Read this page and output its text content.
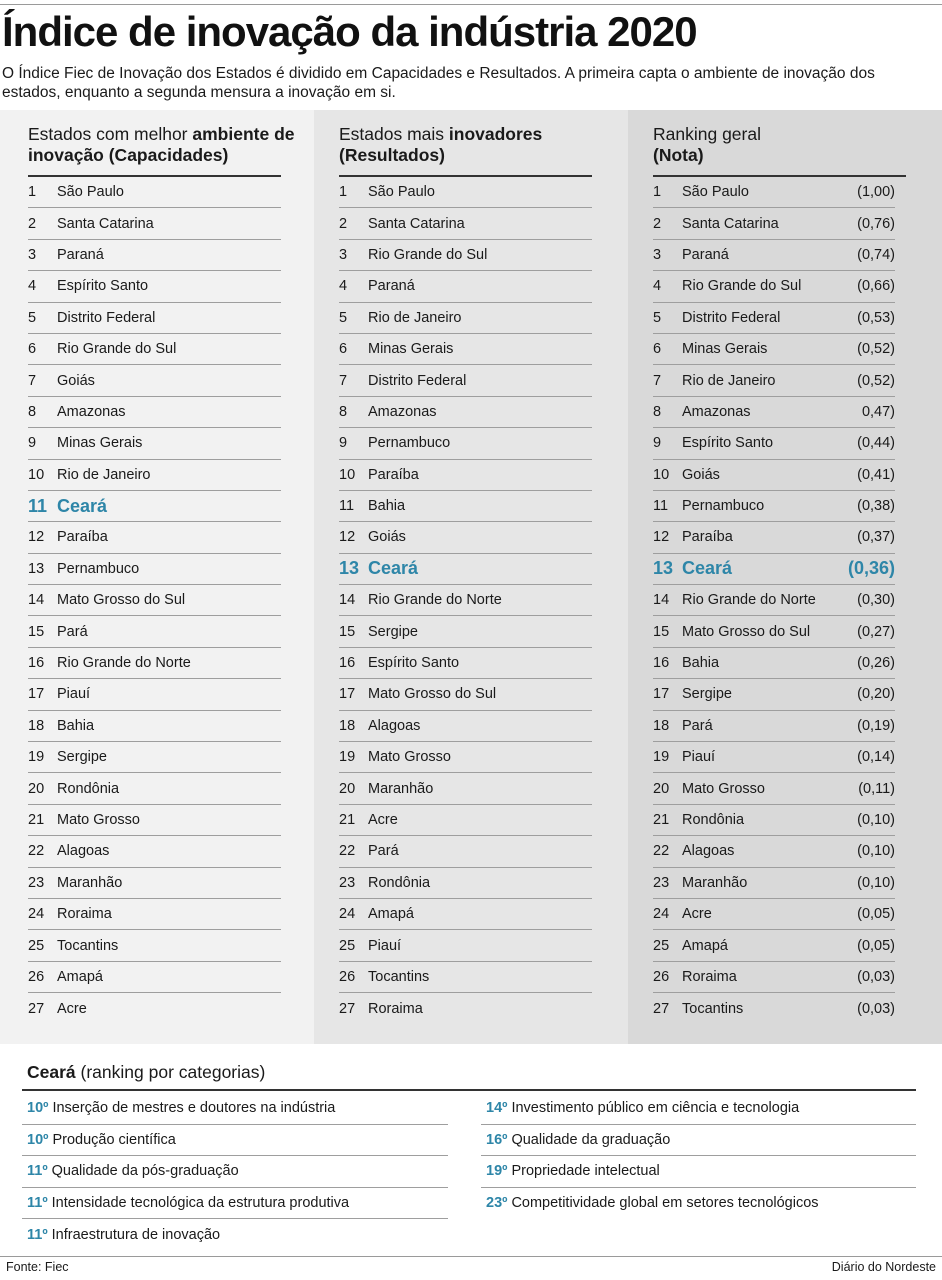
Índice de inovação da indústria 2020

O Índice Fiec de Inovação dos Estados é dividido em Capacidades e Resultados. A primeira capta o ambiente de inovação dos estados, enquanto a segunda mensura a inovação em si.

Estados com melhor ambiente de inovação (Capacidades)
1	São Paulo
2	Santa Catarina
3	Paraná
4	Espírito Santo
5	Distrito Federal
6	Rio Grande do Sul
7	Goiás
8	Amazonas
9	Minas Gerais
10 Rio de Janeiro
11 Ceará
12 Paraíba
13 Pernambuco
14 Mato Grosso do Sul
15 Pará
16 Rio Grande do Norte
17 Piauí
18 Bahia
19 Sergipe
20 Rondônia
21 Mato Grosso
22 Alagoas
23 Maranhão
24 Roraima
25 Tocantins
26 Amapá
27 Acre
Estados mais inovadores (Resultados)
1	São Paulo
2	Santa Catarina
3	Rio Grande do Sul
4	Paraná
5	Rio de Janeiro
6	Minas Gerais
7	Distrito Federal
8	Amazonas
9	Pernambuco
10 Paraíba
11 Bahia
12 Goiás
13 Ceará
14 Rio Grande do Norte
15 Sergipe
16 Espírito Santo
17 Mato Grosso do Sul
18 Alagoas
19 Mato Grosso
20 Maranhão
21 Acre
22 Pará
23 Rondônia
24 Amapá
25 Piauí
26 Tocantins
27 Roraima
Ranking geral
(Nota)
1	São Paulo	(1,00)
2	Santa Catarina	(0,76)
3	Paraná	(0,74)
4	Rio Grande do Sul	(0,66)
5	Distrito Federal	(0,53)
6	Minas Gerais	(0,52)
7	Rio de Janeiro	(0,52)
8	Amazonas	0,47)
9	Espírito Santo	(0,44)
10 Goiás	(0,41)
11 Pernambuco	(0,38)
12 Paraíba	(0,37)
13 Ceará	(0,36)
14 Rio Grande do Norte	(0,30)
15 Mato Grosso do Sul	(0,27)
16 Bahia	(0,26)
17 Sergipe	(0,20)
18 Pará	(0,19)
19 Piauí	(0,14)
20 Mato Grosso	(0,11)
21 Rondônia	(0,10)
22 Alagoas	(0,10)
23 Maranhão	(0,10)
24 Acre	(0,05)
25 Amapá	(0,05)
26 Roraima	(0,03)
27 Tocantins	(0,03)
Ceará (ranking por categorias)
10º Inserção de mestres e doutores na indústria
10º Produção científica
11º Qualidade da pós-graduação
11º Intensidade tecnológica da estrutura produtiva
11º Infraestrutura de inovação
14º Investimento público em ciência e tecnologia
16º Qualidade da graduação
19º Propriedade intelectual
23º Competitividade global em setores tecnológicos
Fonte: Fiec	Diário do Nordeste
